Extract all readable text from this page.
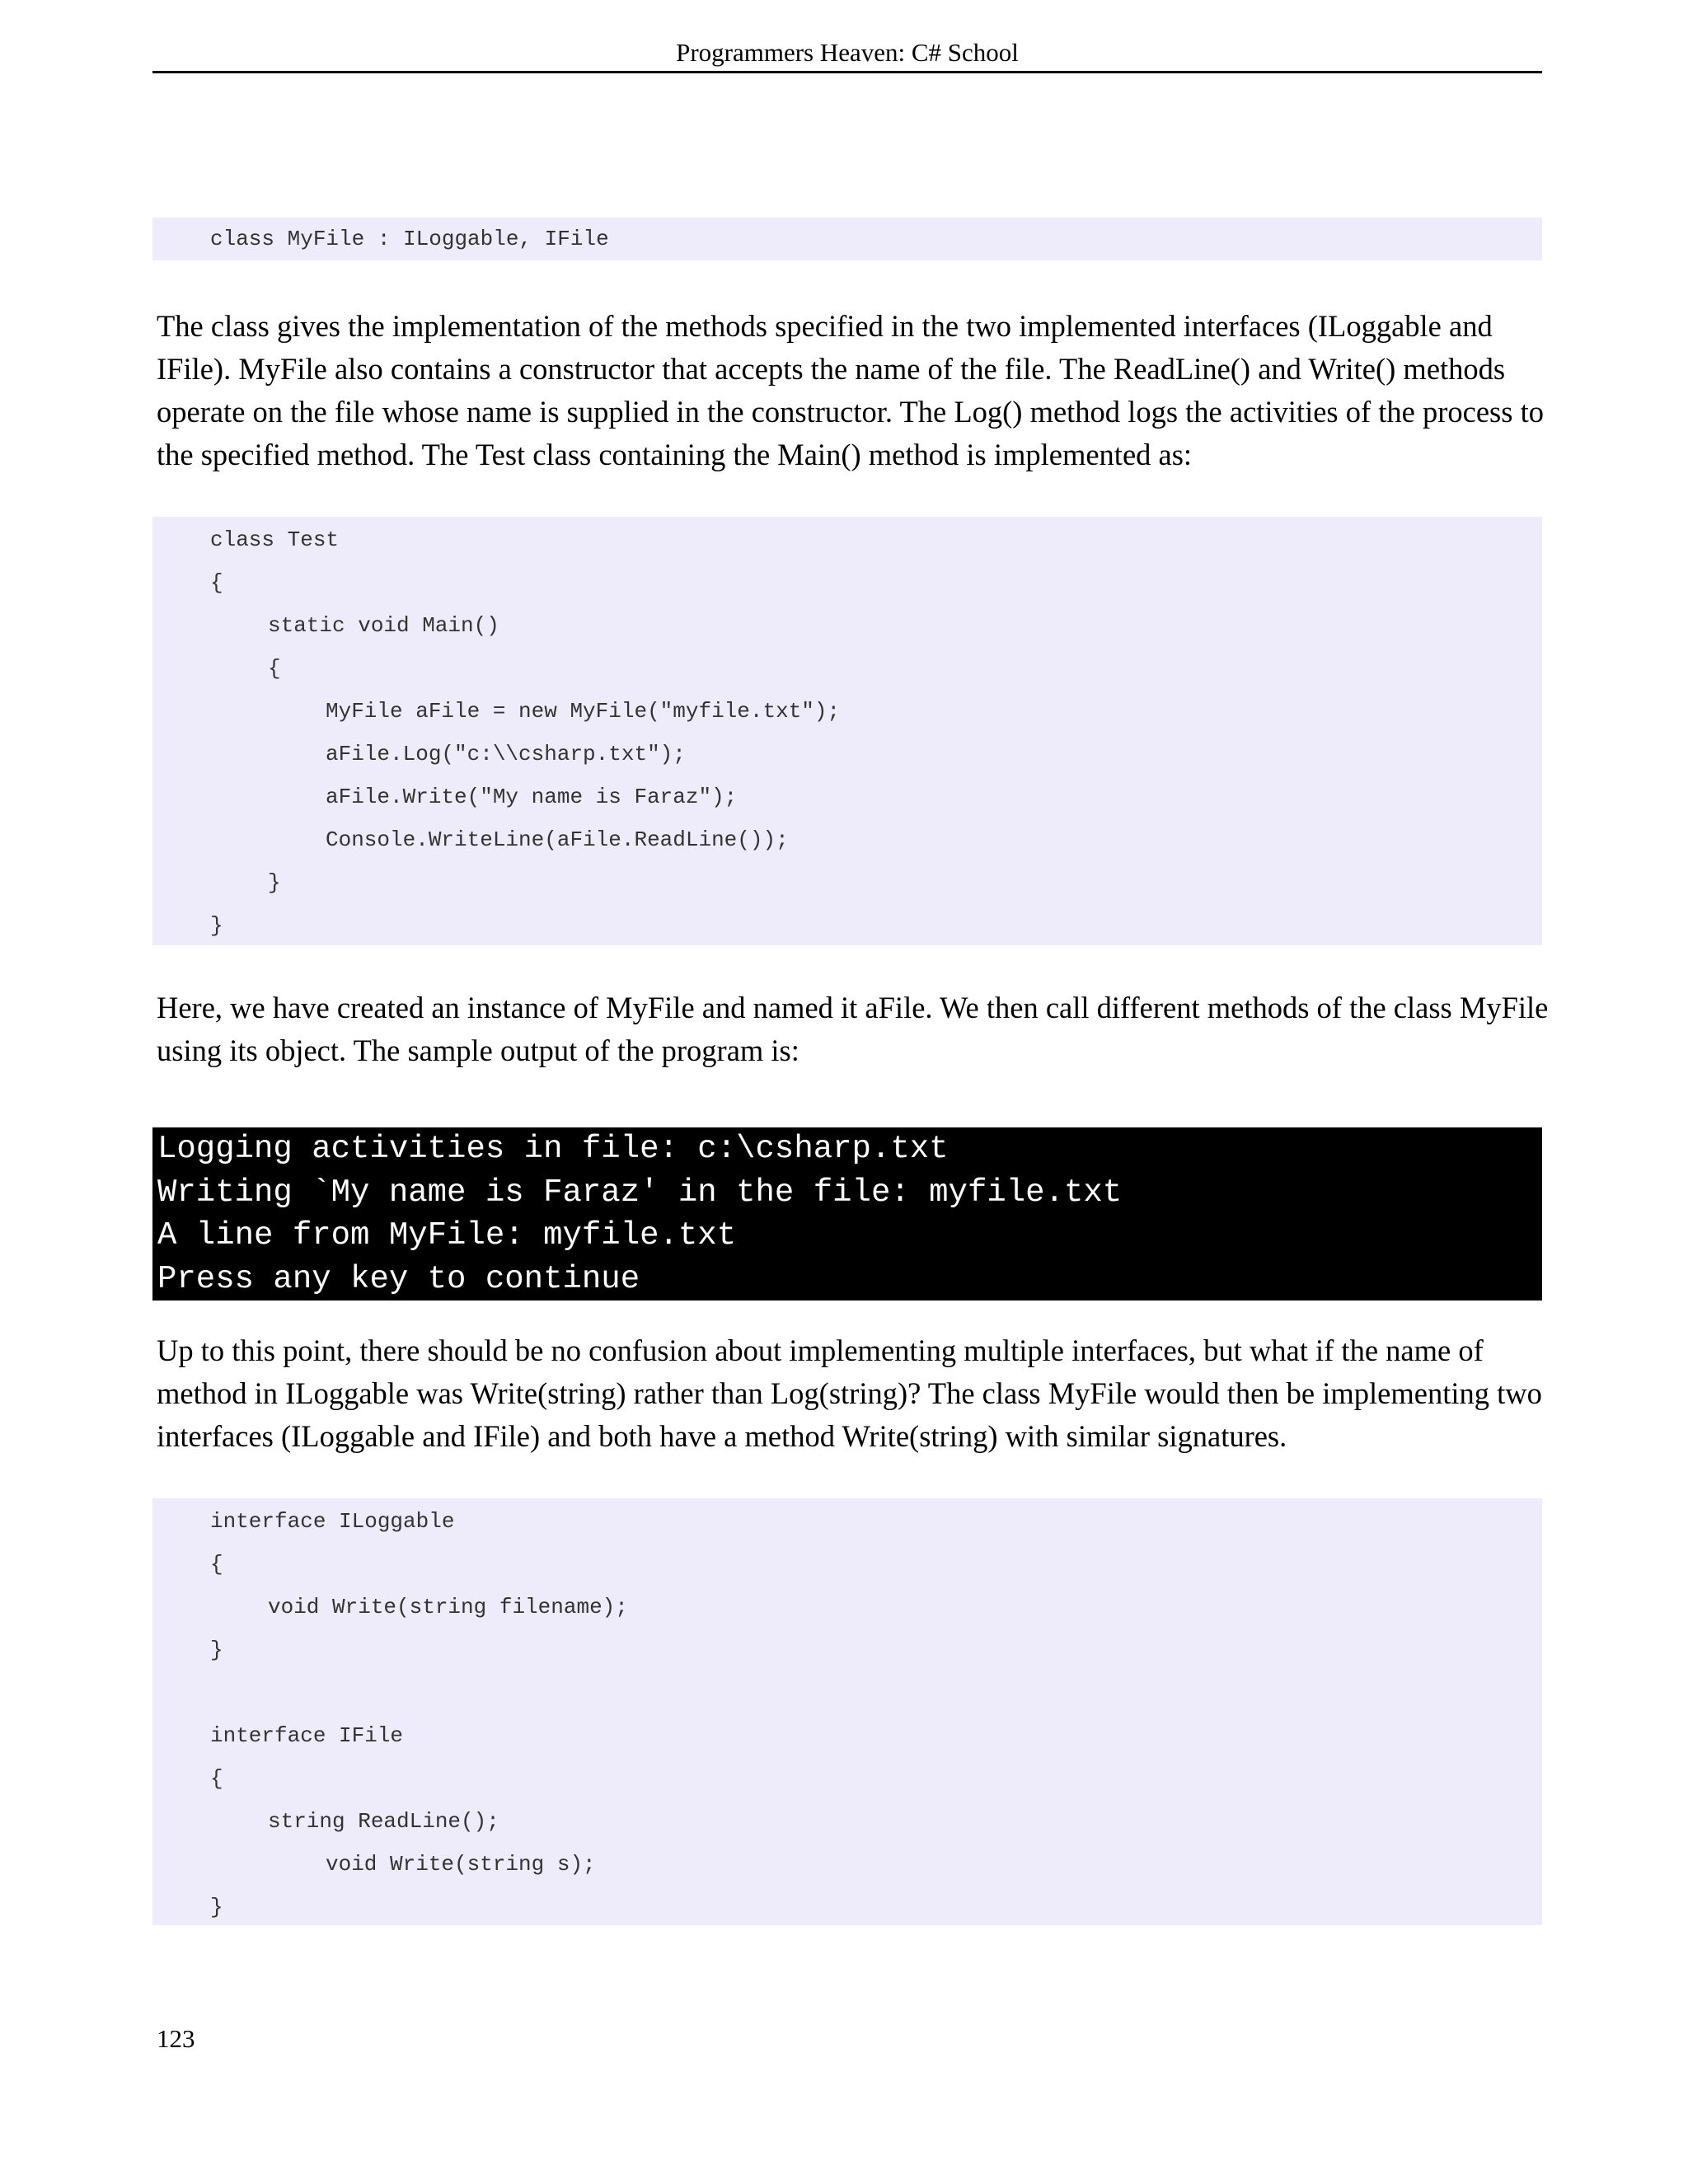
Programmers Heaven: C# School
class MyFile : ILoggable, IFile

The class gives the implementation of the methods specified in the two implemented interfaces (ILoggable and IFile). MyFile also contains a constructor that accepts the name of the file. The ReadLine() and Write() methods operate on the file whose name is supplied in the constructor. The Log() method logs the activities of the process to the specified method. The Test class containing the Main() method is implemented as:

class Test
{
static void Main()
{
MyFile aFile = new MyFile("myfile.txt");
aFile.Log("c:\\csharp.txt");
aFile.Write("My name is Faraz");
Console.WriteLine(aFile.ReadLine());
}
}

Here, we have created an instance of MyFile and named it aFile. We then call different methods of the class MyFile using its object. The sample output of the program is:

Logging activities in file: c:\csharp.txt
Writing `My name is Faraz' in the file: myfile.txt
A line from MyFile: myfile.txt
Press any key to continue

Up to this point, there should be no confusion about implementing multiple interfaces, but what if the name of method in ILoggable was Write(string) rather than Log(string)? The class MyFile would then be implementing two interfaces (ILoggable and IFile) and both have a method Write(string) with similar signatures.

interface ILoggable
{
void Write(string filename);
}
interface IFile
{
string ReadLine();
void Write(string s);
}
123
